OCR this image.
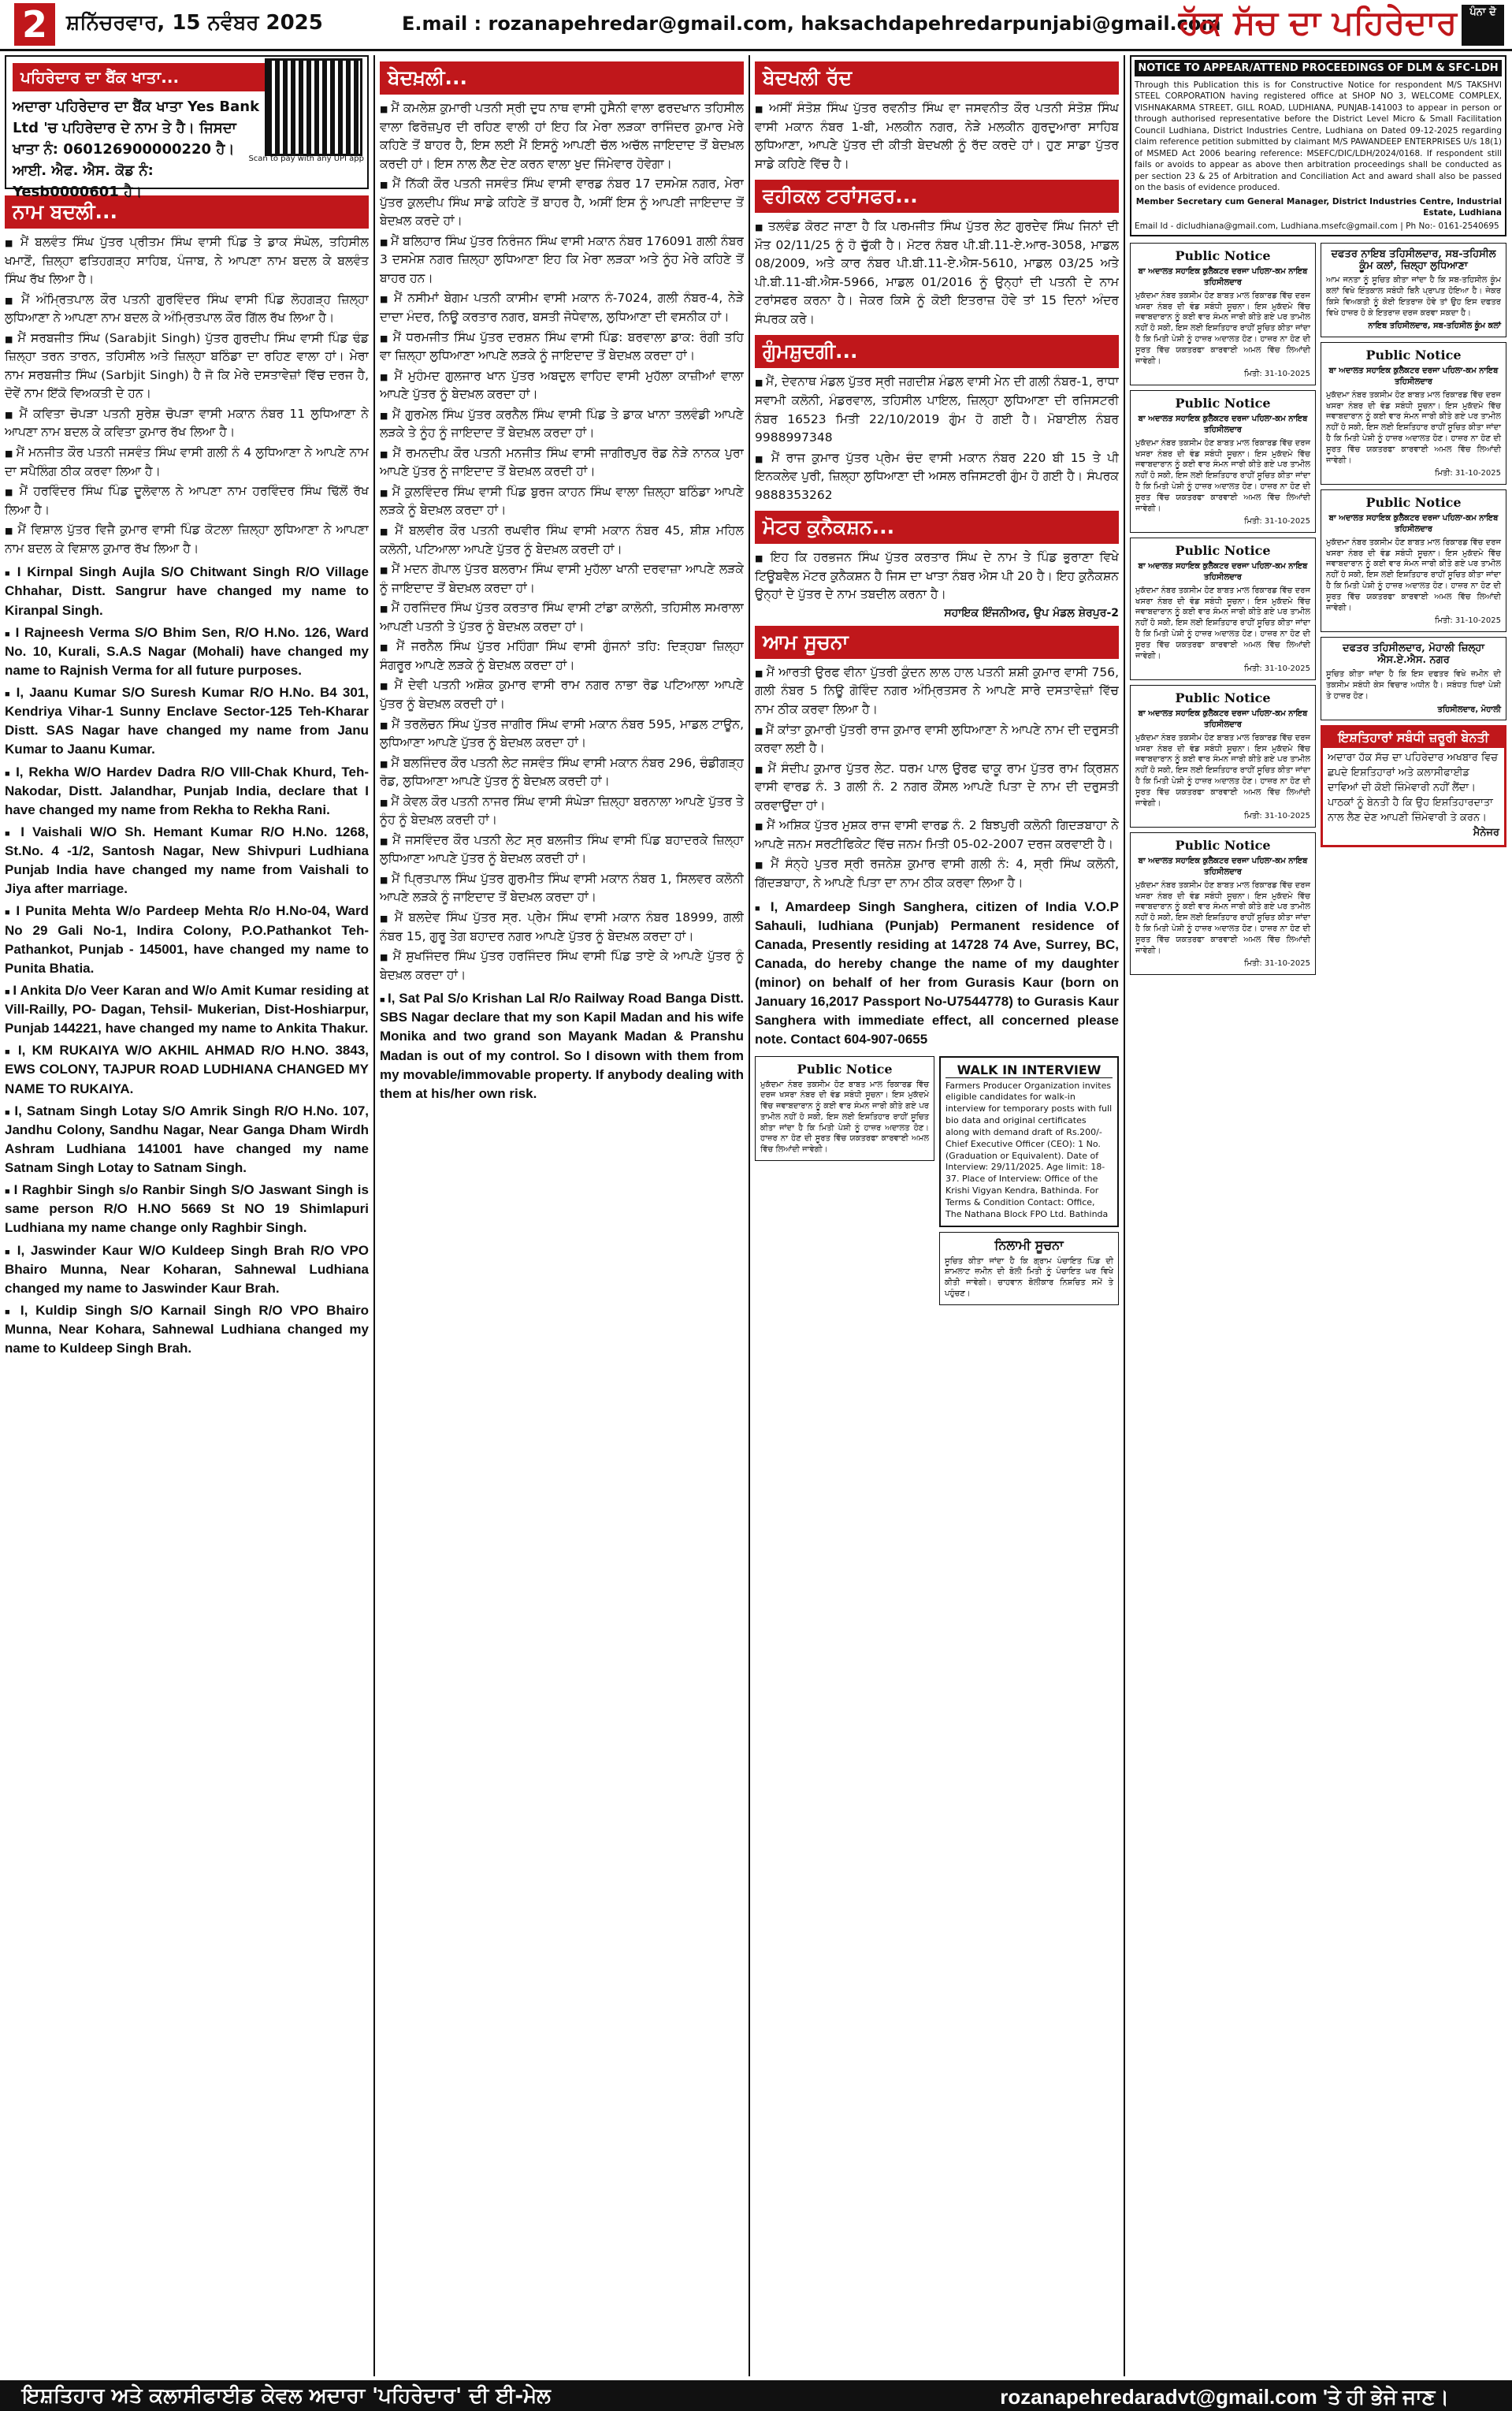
2 ਸ਼ਨਿੱਚਰਵਾਰ, 15 ਨਵੰਬਰ 2025	E.mail : rozanapehredar@gmail.com, haksachdapehredarpunjabi@gmail.com
ਹੱਕ ਸੱਚ ਦਾ ਪਹਿਰੇਦਾਰ	ਪੰਨਾ ਦੋ
ਪਹਿਰੇਦਾਰ ਦਾ ਬੈਂਕ ਖਾਤਾ...
ਅਦਾਰਾ ਪਹਿਰੇਦਾਰ ਦਾ ਬੈਂਕ ਖਾਤਾ Yes Bank Ltd 'ਚ ਪਹਿਰੇਦਾਰ ਦੇ ਨਾਮ ਤੇ ਹੈ। ਜਿਸਦਾ ਖਾਤਾ ਨੰ: 060126900000220 ਹੈ। ਆਈ. ਐਫ. ਐਸ. ਕੋਡ ਨੰ: Yesb0000601 ਹੈ।
Scan to pay with any UPI app
ਨਾਮ ਬਦਲੀ...

■ ਮੈਂ ਬਲਵੰਤ ਸਿੰਘ ਪੁੱਤਰ ਪ੍ਰੀਤਮ ਸਿੰਘ ਵਾਸੀ ਪਿੰਡ ਤੇ ਡਾਕ ਸੰਘੋਲ, ਤਹਿਸੀਲ ਖਮਾਣੋਂ, ਜ਼ਿਲ੍ਹਾ ਫਤਿਹਗੜ੍ਹ ਸਾਹਿਬ, ਪੰਜਾਬ, ਨੇ ਆਪਣਾ ਨਾਮ ਬਦਲ ਕੇ ਬਲਵੰਤ ਸਿੰਘ ਰੱਖ ਲਿਆ ਹੈ।

■ ਮੈਂ ਅੰਮ੍ਰਿਤਪਾਲ ਕੌਰ ਪਤਨੀ ਗੁਰਵਿੰਦਰ ਸਿੰਘ ਵਾਸੀ ਪਿੰਡ ਲੋਹਗੜ੍ਹ ਜ਼ਿਲ੍ਹਾ ਲੁਧਿਆਣਾ ਨੇ ਆਪਣਾ ਨਾਮ ਬਦਲ ਕੇ ਅੰਮ੍ਰਿਤਪਾਲ ਕੌਰ ਗਿੱਲ ਰੱਖ ਲਿਆ ਹੈ।

■ ਮੈਂ ਸਰਬਜੀਤ ਸਿੰਘ (Sarabjit Singh) ਪੁੱਤਰ ਗੁਰਦੀਪ ਸਿੰਘ ਵਾਸੀ ਪਿੰਡ ਢੰਡ ਜ਼ਿਲ੍ਹਾ ਤਰਨ ਤਾਰਨ, ਤਹਿਸੀਲ ਅਤੇ ਜ਼ਿਲ੍ਹਾ ਬਠਿੰਡਾ ਦਾ ਰਹਿਣ ਵਾਲਾ ਹਾਂ। ਮੇਰਾ ਨਾਮ ਸਰਬਜੀਤ ਸਿੰਘ (Sarbjit Singh) ਹੈ ਜੋ ਕਿ ਮੇਰੇ ਦਸਤਾਵੇਜ਼ਾਂ ਵਿੱਚ ਦਰਜ ਹੈ, ਦੋਵੇਂ ਨਾਮ ਇੱਕੋ ਵਿਅਕਤੀ ਦੇ ਹਨ।

■ ਮੈਂ ਕਵਿਤਾ ਚੋਪੜਾ ਪਤਨੀ ਸੁਰੇਸ਼ ਚੋਪੜਾ ਵਾਸੀ ਮਕਾਨ ਨੰਬਰ 11 ਲੁਧਿਆਣਾ ਨੇ ਆਪਣਾ ਨਾਮ ਬਦਲ ਕੇ ਕਵਿਤਾ ਕੁਮਾਰ ਰੱਖ ਲਿਆ ਹੈ।

■ ਮੈਂ ਮਨਜੀਤ ਕੌਰ ਪਤਨੀ ਜਸਵੰਤ ਸਿੰਘ ਵਾਸੀ ਗਲੀ ਨੰ 4 ਲੁਧਿਆਣਾ ਨੇ ਆਪਣੇ ਨਾਮ ਦਾ ਸਪੈਲਿੰਗ ਠੀਕ ਕਰਵਾ ਲਿਆ ਹੈ।

■ ਮੈਂ ਹਰਵਿੰਦਰ ਸਿੰਘ ਪਿੰਡ ਦੂਲੋਵਾਲ ਨੇ ਆਪਣਾ ਨਾਮ ਹਰਵਿੰਦਰ ਸਿੰਘ ਢਿੱਲੋਂ ਰੱਖ ਲਿਆ ਹੈ।

■ ਮੈਂ ਵਿਸ਼ਾਲ ਪੁੱਤਰ ਵਿਜੈ ਕੁਮਾਰ ਵਾਸੀ ਪਿੰਡ ਕੋਟਲਾ ਜ਼ਿਲ੍ਹਾ ਲੁਧਿਆਣਾ ਨੇ ਆਪਣਾ ਨਾਮ ਬਦਲ ਕੇ ਵਿਸ਼ਾਲ ਕੁਮਾਰ ਰੱਖ ਲਿਆ ਹੈ।

■ I Kirnpal Singh Aujla S/O Chitwant Singh R/O Village Chhahar, Distt. Sangrur have changed my name to Kiranpal Singh.

■ I Rajneesh Verma S/O Bhim Sen, R/O H.No. 126, Ward No. 10, Kurali, S.A.S Nagar (Mohali) have changed my name to Rajnish Verma for all future purposes.

■ I, Jaanu Kumar S/O Suresh Kumar R/O H.No. B4 301, Kendriya Vihar-1 Sunny Enclave Sector-125 Teh-Kharar Distt. SAS Nagar have changed my name from Janu Kumar to Jaanu Kumar.

■ I, Rekha W/O Hardev Dadra R/O VIll-Chak Khurd, Teh-Nakodar, Distt. Jalandhar, Punjab India, declare that I have changed my name from Rekha to Rekha Rani.

■ I Vaishali W/O Sh. Hemant Kumar R/O H.No. 1268, St.No. 4 -1/2, Santosh Nagar, New Shivpuri Ludhiana Punjab India have changed my name from Vaishali to Jiya after marriage.

■ I Punita Mehta W/o Pardeep Mehta R/o H.No-04, Ward No 29 Gali No-1, Indira Colony, P.O.Pathankot Teh-Pathankot, Punjab - 145001, have changed my name to Punita Bhatia.

■ I Ankita D/o Veer Karan and W/o Amit Kumar residing at Vill-Railly, PO- Dagan, Tehsil- Mukerian, Dist-Hoshiarpur, Punjab 144221, have changed my name to Ankita Thakur.

■ I, KM RUKAIYA W/O AKHIL AHMAD R/O H.NO. 3843, EWS COLONY, TAJPUR ROAD LUDHIANA CHANGED MY NAME TO RUKAIYA.

■ I, Satnam Singh Lotay S/O Amrik Singh R/O H.No. 107, Jandhu Colony, Sandhu Nagar, Near Ganga Dham Wirdh Ashram Ludhiana 141001 have changed my name Satnam Singh Lotay to Satnam Singh.

■ I Raghbir Singh s/o Ranbir Singh S/O Jaswant Singh is same person R/O H.NO 5669 St NO 19 Shimlapuri Ludhiana my name change only Raghbir Singh.

■ I, Jaswinder Kaur W/O Kuldeep Singh Brah R/O VPO Bhairo Munna, Near Koharan, Sahnewal Ludhiana changed my name to Jaswinder Kaur Brah.

■ I, Kuldip Singh S/O Karnail Singh R/O VPO Bhairo Munna, Near Kohara, Sahnewal Ludhiana changed my name to Kuldeep Singh Brah.

ਬੇਦਖ਼ਲੀ...

■ ਮੈਂ ਕਮਲੇਸ਼ ਕੁਮਾਰੀ ਪਤਨੀ ਸ੍ਰੀ ਦੁਧ ਨਾਥ ਵਾਸੀ ਹੁਸੈਨੀ ਵਾਲਾ ਫਰਦਖਾਨ ਤਹਿਸੀਲ ਵਾਲਾ ਫਿਰੋਜ਼ਪੁਰ ਦੀ ਰਹਿਣ ਵਾਲੀ ਹਾਂ ਇਹ ਕਿ ਮੇਰਾ ਲੜਕਾ ਰਾਜਿੰਦਰ ਕੁਮਾਰ ਮੇਰੇ ਕਹਿਣੇ ਤੋਂ ਬਾਹਰ ਹੈ, ਇਸ ਲਈ ਮੈਂ ਇਸਨੂੰ ਆਪਣੀ ਚੱਲ ਅਚੱਲ ਜਾਇਦਾਦ ਤੋਂ ਬੇਦਖ਼ਲ ਕਰਦੀ ਹਾਂ। ਇਸ ਨਾਲ ਲੈਣ ਦੇਣ ਕਰਨ ਵਾਲਾ ਖੁਦ ਜਿੰਮੇਵਾਰ ਹੋਵੇਗਾ।

■ ਮੈਂ ਨਿੱਕੀ ਕੌਰ ਪਤਨੀ ਜਸਵੰਤ ਸਿੰਘ ਵਾਸੀ ਵਾਰਡ ਨੰਬਰ 17 ਦਸਮੇਸ਼ ਨਗਰ, ਮੇਰਾ ਪੁੱਤਰ ਕੁਲਦੀਪ ਸਿੰਘ ਸਾਡੇ ਕਹਿਣੇ ਤੋਂ ਬਾਹਰ ਹੈ, ਅਸੀਂ ਇਸ ਨੂੰ ਆਪਣੀ ਜਾਇਦਾਦ ਤੋਂ ਬੇਦਖ਼ਲ ਕਰਦੇ ਹਾਂ।

■ ਮੈਂ ਬਲਿਹਾਰ ਸਿੰਘ ਪੁੱਤਰ ਨਿਰੰਜਨ ਸਿੰਘ ਵਾਸੀ ਮਕਾਨ ਨੰਬਰ 176091 ਗਲੀ ਨੰਬਰ 3 ਦਸਮੇਸ਼ ਨਗਰ ਜ਼ਿਲ੍ਹਾ ਲੁਧਿਆਣਾ ਇਹ ਕਿ ਮੇਰਾ ਲੜਕਾ ਅਤੇ ਨੂੰਹ ਮੇਰੇ ਕਹਿਣੇ ਤੋਂ ਬਾਹਰ ਹਨ।

■ ਮੈਂ ਨਸੀਮਾਂ ਬੇਗਮ ਪਤਨੀ ਕਾਸੀਮ ਵਾਸੀ ਮਕਾਨ ਨੰ-7024, ਗਲੀ ਨੰਬਰ-4, ਨੇੜੇ ਦਾਦਾ ਮੰਦਰ, ਨਿਊ ਕਰਤਾਰ ਨਗਰ, ਬਸਤੀ ਜੋਧੇਵਾਲ, ਲੁਧਿਆਣਾ ਦੀ ਵਸਨੀਕ ਹਾਂ।

■ ਮੈਂ ਧਰਮਜੀਤ ਸਿੰਘ ਪੁੱਤਰ ਦਰਸ਼ਨ ਸਿੰਘ ਵਾਸੀ ਪਿੰਡ: ਬਰਵਾਲਾ ਡਾਕ: ਰੰਗੀ ਤਹਿ ਵਾ ਜ਼ਿਲ੍ਹਾ ਲੁਧਿਆਣਾ ਆਪਣੇ ਲੜਕੇ ਨੂੰ ਜਾਇਦਾਦ ਤੋਂ ਬੇਦਖ਼ਲ ਕਰਦਾ ਹਾਂ।

■ ਮੈਂ ਮੁਹੰਮਦ ਗੁਲਜਾਰ ਖਾਨ ਪੁੱਤਰ ਅਬਦੁਲ ਵਾਹਿਦ ਵਾਸੀ ਮੁਹੱਲਾ ਕਾਜ਼ੀਆਂ ਵਾਲਾ ਆਪਣੇ ਪੁੱਤਰ ਨੂੰ ਬੇਦਖ਼ਲ ਕਰਦਾ ਹਾਂ।

■ ਮੈਂ ਗੁਰਮੇਲ ਸਿੰਘ ਪੁੱਤਰ ਕਰਨੈਲ ਸਿੰਘ ਵਾਸੀ ਪਿੰਡ ਤੇ ਡਾਕ ਖਾਨਾ ਤਲਵੰਡੀ ਆਪਣੇ ਲੜਕੇ ਤੇ ਨੂੰਹ ਨੂੰ ਜਾਇਦਾਦ ਤੋਂ ਬੇਦਖ਼ਲ ਕਰਦਾ ਹਾਂ।

■ ਮੈਂ ਰਮਨਦੀਪ ਕੌਰ ਪਤਨੀ ਮਨਜੀਤ ਸਿੰਘ ਵਾਸੀ ਜਾਗੀਰਪੁਰ ਰੋਡ ਨੇੜੇ ਨਾਨਕ ਪੁਰਾ ਆਪਣੇ ਪੁੱਤਰ ਨੂੰ ਜਾਇਦਾਦ ਤੋਂ ਬੇਦਖ਼ਲ ਕਰਦੀ ਹਾਂ।

■ ਮੈਂ ਕੁਲਵਿੰਦਰ ਸਿੰਘ ਵਾਸੀ ਪਿੰਡ ਬੁਰਜ ਕਾਹਨ ਸਿੰਘ ਵਾਲਾ ਜ਼ਿਲ੍ਹਾ ਬਠਿੰਡਾ ਆਪਣੇ ਲੜਕੇ ਨੂੰ ਬੇਦਖ਼ਲ ਕਰਦਾ ਹਾਂ।

■ ਮੈਂ ਬਲਵੀਰ ਕੌਰ ਪਤਨੀ ਰਘਵੀਰ ਸਿੰਘ ਵਾਸੀ ਮਕਾਨ ਨੰਬਰ 45, ਸ਼ੀਸ਼ ਮਹਿਲ ਕਲੋਨੀ, ਪਟਿਆਲਾ ਆਪਣੇ ਪੁੱਤਰ ਨੂੰ ਬੇਦਖ਼ਲ ਕਰਦੀ ਹਾਂ।

■ ਮੈਂ ਮਦਨ ਗੋਪਾਲ ਪੁੱਤਰ ਬਲਰਾਮ ਸਿੰਘ ਵਾਸੀ ਮੁਹੱਲਾ ਖਾਨੀ ਦਰਵਾਜ਼ਾ ਆਪਣੇ ਲੜਕੇ ਨੂੰ ਜਾਇਦਾਦ ਤੋਂ ਬੇਦਖ਼ਲ ਕਰਦਾ ਹਾਂ।

■ ਮੈਂ ਹਰਜਿੰਦਰ ਸਿੰਘ ਪੁੱਤਰ ਕਰਤਾਰ ਸਿੰਘ ਵਾਸੀ ਟਾਂਡਾ ਕਾਲੋਨੀ, ਤਹਿਸੀਲ ਸਮਰਾਲਾ ਆਪਣੀ ਪਤਨੀ ਤੇ ਪੁੱਤਰ ਨੂੰ ਬੇਦਖ਼ਲ ਕਰਦਾ ਹਾਂ।

■ ਮੈਂ ਜਰਨੈਲ ਸਿੰਘ ਪੁੱਤਰ ਮਹਿੰਗਾ ਸਿੰਘ ਵਾਸੀ ਗੁੰਜਨਾਂ ਤਹਿ: ਦਿੜ੍ਹਬਾ ਜ਼ਿਲ੍ਹਾ ਸੰਗਰੂਰ ਆਪਣੇ ਲੜਕੇ ਨੂੰ ਬੇਦਖ਼ਲ ਕਰਦਾ ਹਾਂ।

■ ਮੈਂ ਦੇਵੀ ਪਤਨੀ ਅਸ਼ੋਕ ਕੁਮਾਰ ਵਾਸੀ ਰਾਮ ਨਗਰ ਨਾਭਾ ਰੋਡ ਪਟਿਆਲਾ ਆਪਣੇ ਪੁੱਤਰ ਨੂੰ ਬੇਦਖ਼ਲ ਕਰਦੀ ਹਾਂ।

■ ਮੈਂ ਤਰਲੋਚਨ ਸਿੰਘ ਪੁੱਤਰ ਜਾਗੀਰ ਸਿੰਘ ਵਾਸੀ ਮਕਾਨ ਨੰਬਰ 595, ਮਾਡਲ ਟਾਊਨ, ਲੁਧਿਆਣਾ ਆਪਣੇ ਪੁੱਤਰ ਨੂੰ ਬੇਦਖ਼ਲ ਕਰਦਾ ਹਾਂ।

■ ਮੈਂ ਬਲਜਿੰਦਰ ਕੌਰ ਪਤਨੀ ਲੇਟ ਜਸਵੰਤ ਸਿੰਘ ਵਾਸੀ ਮਕਾਨ ਨੰਬਰ 296, ਚੰਡੀਗੜ੍ਹ ਰੋਡ, ਲੁਧਿਆਣਾ ਆਪਣੇ ਪੁੱਤਰ ਨੂੰ ਬੇਦਖ਼ਲ ਕਰਦੀ ਹਾਂ।

■ ਮੈਂ ਕੇਵਲ ਕੌਰ ਪਤਨੀ ਨਾਜਰ ਸਿੰਘ ਵਾਸੀ ਸੰਘੇੜਾ ਜ਼ਿਲ੍ਹਾ ਬਰਨਾਲਾ ਆਪਣੇ ਪੁੱਤਰ ਤੇ ਨੂੰਹ ਨੂੰ ਬੇਦਖ਼ਲ ਕਰਦੀ ਹਾਂ।

■ ਮੈਂ ਜਸਵਿੰਦਰ ਕੌਰ ਪਤਨੀ ਲੇਟ ਸ੍ਰ ਬਲਜੀਤ ਸਿੰਘ ਵਾਸੀ ਪਿੰਡ ਬਹਾਦਰਕੇ ਜ਼ਿਲ੍ਹਾ ਲੁਧਿਆਣਾ ਆਪਣੇ ਪੁੱਤਰ ਨੂੰ ਬੇਦਖ਼ਲ ਕਰਦੀ ਹਾਂ।

■ ਮੈਂ ਪ੍ਰਿਤਪਾਲ ਸਿੰਘ ਪੁੱਤਰ ਗੁਰਮੀਤ ਸਿੰਘ ਵਾਸੀ ਮਕਾਨ ਨੰਬਰ 1, ਸਿਲਵਰ ਕਲੋਨੀ ਆਪਣੇ ਲੜਕੇ ਨੂੰ ਜਾਇਦਾਦ ਤੋਂ ਬੇਦਖ਼ਲ ਕਰਦਾ ਹਾਂ।

■ ਮੈਂ ਬਲਦੇਵ ਸਿੰਘ ਪੁੱਤਰ ਸ੍ਰ. ਪ੍ਰੇਮ ਸਿੰਘ ਵਾਸੀ ਮਕਾਨ ਨੰਬਰ 18999, ਗਲੀ ਨੰਬਰ 15, ਗੁਰੂ ਤੇਗ ਬਹਾਦਰ ਨਗਰ ਆਪਣੇ ਪੁੱਤਰ ਨੂੰ ਬੇਦਖ਼ਲ ਕਰਦਾ ਹਾਂ।

■ ਮੈਂ ਸੁਖਜਿੰਦਰ ਸਿੰਘ ਪੁੱਤਰ ਹਰਜਿੰਦਰ ਸਿੰਘ ਵਾਸੀ ਪਿੰਡ ਤਾਏ ਕੇ ਆਪਣੇ ਪੁੱਤਰ ਨੂੰ ਬੇਦਖ਼ਲ ਕਰਦਾ ਹਾਂ।

■ I, Sat Pal S/o Krishan Lal R/o Railway Road Banga Distt. SBS Nagar declare that my son Kapil Madan and his wife Monika and two grand son Mayank Madan & Pranshu Madan is out of my control. So I disown with them from my movable/immovable property. If anybody dealing with them at his/her own risk.

ਬੇਦਖਲੀ ਰੱਦ

■ ਅਸੀਂ ਸੰਤੋਸ਼ ਸਿੰਘ ਪੁੱਤਰ ਰਵਨੀਤ ਸਿੰਘ ਵਾ ਜਸਵਨੀਤ ਕੌਰ ਪਤਨੀ ਸੰਤੋਸ਼ ਸਿੰਘ ਵਾਸੀ ਮਕਾਨ ਨੰਬਰ 1-ਬੀ, ਮਲਕੀਨ ਨਗਰ, ਨੇੜੇ ਮਲਕੀਨ ਗੁਰਦੁਆਰਾ ਸਾਹਿਬ ਲੁਧਿਆਣਾ, ਆਪਣੇ ਪੁੱਤਰ ਦੀ ਕੀਤੀ ਬੇਦਖਲੀ ਨੂੰ ਰੱਦ ਕਰਦੇ ਹਾਂ। ਹੁਣ ਸਾਡਾ ਪੁੱਤਰ ਸਾਡੇ ਕਹਿਣੇ ਵਿੱਚ ਹੈ।

ਵਹੀਕਲ ਟਰਾਂਸਫਰ...

■ ਤਲਵੰਡ ਕੋਰਟ ਜਾਣਾ ਹੈ ਕਿ ਪਰਮਜੀਤ ਸਿੰਘ ਪੁੱਤਰ ਲੇਟ ਗੁਰਦੇਵ ਸਿੰਘ ਜਿਨਾਂ ਦੀ ਮੌਤ 02/11/25 ਨੂੰ ਹੋ ਚੁੱਕੀ ਹੈ। ਮੋਟਰ ਨੰਬਰ ਪੀ.ਬੀ.11-ਏ.ਆਰ-3058, ਮਾਡਲ 08/2009, ਅਤੇ ਕਾਰ ਨੰਬਰ ਪੀ.ਬੀ.11-ਏ.ਐਸ-5610, ਮਾਡਲ 03/25 ਅਤੇ ਪੀ.ਬੀ.11-ਬੀ.ਐਸ-5966, ਮਾਡਲ 01/2016 ਨੂੰ ਉਨ੍ਹਾਂ ਦੀ ਪਤਨੀ ਦੇ ਨਾਮ ਟਰਾਂਸਫਰ ਕਰਨਾ ਹੈ। ਜੇਕਰ ਕਿਸੇ ਨੂੰ ਕੋਈ ਇਤਰਾਜ਼ ਹੋਵੇ ਤਾਂ 15 ਦਿਨਾਂ ਅੰਦਰ ਸੰਪਰਕ ਕਰੇ।

ਗੁੰਮਸ਼ੁਦਗੀ...

■ ਮੈਂ, ਦੇਵਨਾਥ ਮੰਡਲ ਪੁੱਤਰ ਸ੍ਰੀ ਜਗਦੀਸ਼ ਮੰਡਲ ਵਾਸੀ ਮੇਨ ਦੀ ਗਲੀ ਨੰਬਰ-1, ਰਾਧਾ ਸਵਾਮੀ ਕਲੋਨੀ, ਮੰਡਰਵਾਲ, ਤਹਿਸੀਲ ਪਾਇਲ, ਜ਼ਿਲ੍ਹਾ ਲੁਧਿਆਣਾ ਦੀ ਰਜਿਸਟਰੀ ਨੰਬਰ 16523 ਮਿਤੀ 22/10/2019 ਗੁੰਮ ਹੋ ਗਈ ਹੈ। ਮੋਬਾਈਲ ਨੰਬਰ 9988997348

■ ਮੈਂ ਰਾਜ ਕੁਮਾਰ ਪੁੱਤਰ ਪ੍ਰੇਮ ਚੰਦ ਵਾਸੀ ਮਕਾਨ ਨੰਬਰ 220 ਬੀ 15 ਤੇ ਪੀ ਇਨਕਲੇਵ ਪੁਰੀ, ਜ਼ਿਲ੍ਹਾ ਲੁਧਿਆਣਾ ਦੀ ਅਸਲ ਰਜਿਸਟਰੀ ਗੁੰਮ ਹੋ ਗਈ ਹੈ। ਸੰਪਰਕ 9888353262

ਮੋਟਰ ਕੁਨੈਕਸ਼ਨ...

■ ਇਹ ਕਿ ਹਰਭਜਨ ਸਿੰਘ ਪੁੱਤਰ ਕਰਤਾਰ ਸਿੰਘ ਦੇ ਨਾਮ ਤੇ ਪਿੰਡ ਭੁਰਾਣਾ ਵਿਖੇ ਟਿਊਬਵੈਲ ਮੋਟਰ ਕੁਨੈਕਸ਼ਨ ਹੈ ਜਿਸ ਦਾ ਖਾਤਾ ਨੰਬਰ ਐਸ ਪੀ 20 ਹੈ। ਇਹ ਕੁਨੈਕਸ਼ਨ ਉਨ੍ਹਾਂ ਦੇ ਪੁੱਤਰ ਦੇ ਨਾਮ ਤਬਦੀਲ ਕਰਨਾ ਹੈ।

ਸਹਾਇਕ ਇੰਜਨੀਅਰ, ਉਪ ਮੰਡਲ ਸ਼ੇਰਪੁਰ-2
ਆਮ ਸੂਚਨਾ

■ ਮੈਂ ਆਰਤੀ ਉਰਫ ਵੀਨਾ ਪੁੱਤਰੀ ਕੁੰਦਨ ਲਾਲ ਹਾਲ ਪਤਨੀ ਸ਼ਸ਼ੀ ਕੁਮਾਰ ਵਾਸੀ 756, ਗਲੀ ਨੰਬਰ 5 ਨਿਊ ਗੋਵਿੰਦ ਨਗਰ ਅੰਮ੍ਰਿਤਸਰ ਨੇ ਆਪਣੇ ਸਾਰੇ ਦਸਤਾਵੇਜ਼ਾਂ ਵਿੱਚ ਨਾਮ ਠੀਕ ਕਰਵਾ ਲਿਆ ਹੈ।

■ ਮੈਂ ਕਾਂਤਾ ਕੁਮਾਰੀ ਪੁੱਤਰੀ ਰਾਜ ਕੁਮਾਰ ਵਾਸੀ ਲੁਧਿਆਣਾ ਨੇ ਆਪਣੇ ਨਾਮ ਦੀ ਦਰੁਸਤੀ ਕਰਵਾ ਲਈ ਹੈ।

■ ਮੈਂ ਸੰਦੀਪ ਕੁਮਾਰ ਪੁੱਤਰ ਲੇਟ. ਧਰਮ ਪਾਲ ਉਰਫ ਢਾਕੂ ਰਾਮ ਪੁੱਤਰ ਰਾਮ ਕ੍ਰਿਸ਼ਨ ਵਾਸੀ ਵਾਰਡ ਨੰ. 3 ਗਲੀ ਨੰ. 2 ਨਗਰ ਕੌਂਸਲ ਆਪਣੇ ਪਿਤਾ ਦੇ ਨਾਮ ਦੀ ਦਰੁਸਤੀ ਕਰਵਾਉਂਦਾ ਹਾਂ।

■ ਮੈਂ ਅਸ਼ਿਕ ਪੁੱਤਰ ਮੁਸ਼ਕ ਰਾਜ ਵਾਸੀ ਵਾਰਡ ਨੰ. 2 ਬਿਝਪੁਰੀ ਕਲੋਨੀ ਗਿਦੜਬਾਹਾ ਨੇ ਆਪਣੇ ਜਨਮ ਸਰਟੀਫਿਕੇਟ ਵਿੱਚ ਜਨਮ ਮਿਤੀ 05-02-2007 ਦਰਜ ਕਰਵਾਈ ਹੈ।

■ ਮੈਂ ਸੰਨ੍ਹੇ ਪੁਤਰ ਸ੍ਰੀ ਰਜਨੇਸ਼ ਕੁਮਾਰ ਵਾਸੀ ਗਲੀ ਨੰ: 4, ਸ੍ਰੀ ਸਿੰਘ ਕਲੋਨੀ, ਗਿੱਦੜਬਾਹਾ, ਨੇ ਆਪਣੇ ਪਿਤਾ ਦਾ ਨਾਮ ਠੀਕ ਕਰਵਾ ਲਿਆ ਹੈ।

■ I, Amardeep Singh Sanghera, citizen of India V.O.P Sahauli, ludhiana (Punjab) Permanent residence of Canada, Presently residing at 14728 74 Ave, Surrey, BC, Canada, do hereby change the name of my daughter (minor) on behalf of her from Gurasis Kaur (born on January 16,2017 Passport No-U7544778) to Gurasis Kaur Sanghera with immediate effect, all concerned please note. Contact 604-907-0655

Public Notice
ਮੁਕੱਦਮਾ ਨੰਬਰ ਤਕਸੀਮ ਹੋਣ ਬਾਬਤ ਮਾਲ ਰਿਕਾਰਡ ਵਿੱਚ ਦਰਜ ਖਸਰਾ ਨੰਬਰ ਦੀ ਵੰਡ ਸਬੰਧੀ ਸੂਚਨਾ। ਇਸ ਮੁਕੱਦਮੇ ਵਿੱਚ ਜਵਾਬਦਾਰਾਨ ਨੂੰ ਕਈ ਵਾਰ ਸੰਮਨ ਜਾਰੀ ਕੀਤੇ ਗਏ ਪਰ ਤਾਮੀਲ ਨਹੀਂ ਹੋ ਸਕੀ, ਇਸ ਲਈ ਇਸ਼ਤਿਹਾਰ ਰਾਹੀਂ ਸੂਚਿਤ ਕੀਤਾ ਜਾਂਦਾ ਹੈ ਕਿ ਮਿਤੀ ਪੇਸ਼ੀ ਨੂੰ ਹਾਜ਼ਰ ਅਦਾਲਤ ਹੋਣ। ਹਾਜ਼ਰ ਨਾ ਹੋਣ ਦੀ ਸੂਰਤ ਵਿੱਚ ਯਕਤਰਫਾ ਕਾਰਵਾਈ ਅਮਲ ਵਿੱਚ ਲਿਆਂਦੀ ਜਾਵੇਗੀ।
WALK IN INTERVIEW
Farmers Producer Organization invites eligible candidates for walk-in interview for temporary posts with full bio data and original certificates along with demand draft of Rs.200/- Chief Executive Officer (CEO): 1 No. (Graduation or Equivalent). Date of Interview: 29/11/2025. Age limit: 18-37. Place of Interview: Office of the Krishi Vigyan Kendra, Bathinda. For Terms & Condition Contact: Office, The Nathana Block FPO Ltd. Bathinda
ਨਿਲਾਮੀ ਸੂਚਨਾ
ਸੂਚਿਤ ਕੀਤਾ ਜਾਂਦਾ ਹੈ ਕਿ ਗ੍ਰਾਮ ਪੰਚਾਇਤ ਪਿੰਡ ਦੀ ਸ਼ਾਮਲਾਟ ਜ਼ਮੀਨ ਦੀ ਬੋਲੀ ਮਿਤੀ ਨੂੰ ਪੰਚਾਇਤ ਘਰ ਵਿਖੇ ਕੀਤੀ ਜਾਵੇਗੀ। ਚਾਹਵਾਨ ਬੋਲੀਕਾਰ ਨਿਸ਼ਚਿਤ ਸਮੇਂ ਤੇ ਪਹੁੰਚਣ।
NOTICE TO APPEAR/ATTEND PROCEEDINGS OF DLM & SFC-LDH
Through this Publication this is for Constructive Notice for respondent M/S TAKSHVI STEEL CORPORATION having registered office at SHOP NO 3, WELCOME COMPLEX, VISHNAKARMA STREET, GILL ROAD, LUDHIANA, PUNJAB-141003 to appear in person or through authorised representative before the District Level Micro & Small Facilitation Council Ludhiana, District Industries Centre, Ludhiana on Dated 09-12-2025 regarding claim reference petition submitted by claimant M/S PAWANDEEP ENTERPRISES U/s 18(1) of MSMED Act 2006 bearing reference: MSEFC/DIC/LDH/2024/0168. If respondent still fails or avoids to appear as above then arbitration proceedings shall be conducted as per section 23 & 25 of Arbitration and Conciliation Act and award shall also be passed on the basis of evidence produced.
Member Secretary cum General Manager, District Industries Centre, Industrial Estate, Ludhiana
Email Id - dicludhiana@gmail.com, Ludhiana.msefc@gmail.com | Ph No:- 0161-2540695
Public Notice
ਬਾ ਅਦਾਲਤ ਸਹਾਇਕ ਕੁਲੈਕਟਰ ਦਰਜਾ ਪਹਿਲਾ-ਕਮ ਨਾਇਬ ਤਹਿਸੀਲਦਾਰ
ਮੁਕੱਦਮਾ ਨੰਬਰ ਤਕਸੀਮ ਹੋਣ ਬਾਬਤ ਮਾਲ ਰਿਕਾਰਡ ਵਿੱਚ ਦਰਜ ਖਸਰਾ ਨੰਬਰ ਦੀ ਵੰਡ ਸਬੰਧੀ ਸੂਚਨਾ। ਇਸ ਮੁਕੱਦਮੇ ਵਿੱਚ ਜਵਾਬਦਾਰਾਨ ਨੂੰ ਕਈ ਵਾਰ ਸੰਮਨ ਜਾਰੀ ਕੀਤੇ ਗਏ ਪਰ ਤਾਮੀਲ ਨਹੀਂ ਹੋ ਸਕੀ, ਇਸ ਲਈ ਇਸ਼ਤਿਹਾਰ ਰਾਹੀਂ ਸੂਚਿਤ ਕੀਤਾ ਜਾਂਦਾ ਹੈ ਕਿ ਮਿਤੀ ਪੇਸ਼ੀ ਨੂੰ ਹਾਜ਼ਰ ਅਦਾਲਤ ਹੋਣ। ਹਾਜ਼ਰ ਨਾ ਹੋਣ ਦੀ ਸੂਰਤ ਵਿੱਚ ਯਕਤਰਫਾ ਕਾਰਵਾਈ ਅਮਲ ਵਿੱਚ ਲਿਆਂਦੀ ਜਾਵੇਗੀ।
ਮਿਤੀ: 31-10-2025
Public Notice
ਬਾ ਅਦਾਲਤ ਸਹਾਇਕ ਕੁਲੈਕਟਰ ਦਰਜਾ ਪਹਿਲਾ-ਕਮ ਨਾਇਬ ਤਹਿਸੀਲਦਾਰ
ਮੁਕੱਦਮਾ ਨੰਬਰ ਤਕਸੀਮ ਹੋਣ ਬਾਬਤ ਮਾਲ ਰਿਕਾਰਡ ਵਿੱਚ ਦਰਜ ਖਸਰਾ ਨੰਬਰ ਦੀ ਵੰਡ ਸਬੰਧੀ ਸੂਚਨਾ। ਇਸ ਮੁਕੱਦਮੇ ਵਿੱਚ ਜਵਾਬਦਾਰਾਨ ਨੂੰ ਕਈ ਵਾਰ ਸੰਮਨ ਜਾਰੀ ਕੀਤੇ ਗਏ ਪਰ ਤਾਮੀਲ ਨਹੀਂ ਹੋ ਸਕੀ, ਇਸ ਲਈ ਇਸ਼ਤਿਹਾਰ ਰਾਹੀਂ ਸੂਚਿਤ ਕੀਤਾ ਜਾਂਦਾ ਹੈ ਕਿ ਮਿਤੀ ਪੇਸ਼ੀ ਨੂੰ ਹਾਜ਼ਰ ਅਦਾਲਤ ਹੋਣ। ਹਾਜ਼ਰ ਨਾ ਹੋਣ ਦੀ ਸੂਰਤ ਵਿੱਚ ਯਕਤਰਫਾ ਕਾਰਵਾਈ ਅਮਲ ਵਿੱਚ ਲਿਆਂਦੀ ਜਾਵੇਗੀ।
ਮਿਤੀ: 31-10-2025
Public Notice
ਬਾ ਅਦਾਲਤ ਸਹਾਇਕ ਕੁਲੈਕਟਰ ਦਰਜਾ ਪਹਿਲਾ-ਕਮ ਨਾਇਬ ਤਹਿਸੀਲਦਾਰ
ਮੁਕੱਦਮਾ ਨੰਬਰ ਤਕਸੀਮ ਹੋਣ ਬਾਬਤ ਮਾਲ ਰਿਕਾਰਡ ਵਿੱਚ ਦਰਜ ਖਸਰਾ ਨੰਬਰ ਦੀ ਵੰਡ ਸਬੰਧੀ ਸੂਚਨਾ। ਇਸ ਮੁਕੱਦਮੇ ਵਿੱਚ ਜਵਾਬਦਾਰਾਨ ਨੂੰ ਕਈ ਵਾਰ ਸੰਮਨ ਜਾਰੀ ਕੀਤੇ ਗਏ ਪਰ ਤਾਮੀਲ ਨਹੀਂ ਹੋ ਸਕੀ, ਇਸ ਲਈ ਇਸ਼ਤਿਹਾਰ ਰਾਹੀਂ ਸੂਚਿਤ ਕੀਤਾ ਜਾਂਦਾ ਹੈ ਕਿ ਮਿਤੀ ਪੇਸ਼ੀ ਨੂੰ ਹਾਜ਼ਰ ਅਦਾਲਤ ਹੋਣ। ਹਾਜ਼ਰ ਨਾ ਹੋਣ ਦੀ ਸੂਰਤ ਵਿੱਚ ਯਕਤਰਫਾ ਕਾਰਵਾਈ ਅਮਲ ਵਿੱਚ ਲਿਆਂਦੀ ਜਾਵੇਗੀ।
ਮਿਤੀ: 31-10-2025
Public Notice
ਬਾ ਅਦਾਲਤ ਸਹਾਇਕ ਕੁਲੈਕਟਰ ਦਰਜਾ ਪਹਿਲਾ-ਕਮ ਨਾਇਬ ਤਹਿਸੀਲਦਾਰ
ਮੁਕੱਦਮਾ ਨੰਬਰ ਤਕਸੀਮ ਹੋਣ ਬਾਬਤ ਮਾਲ ਰਿਕਾਰਡ ਵਿੱਚ ਦਰਜ ਖਸਰਾ ਨੰਬਰ ਦੀ ਵੰਡ ਸਬੰਧੀ ਸੂਚਨਾ। ਇਸ ਮੁਕੱਦਮੇ ਵਿੱਚ ਜਵਾਬਦਾਰਾਨ ਨੂੰ ਕਈ ਵਾਰ ਸੰਮਨ ਜਾਰੀ ਕੀਤੇ ਗਏ ਪਰ ਤਾਮੀਲ ਨਹੀਂ ਹੋ ਸਕੀ, ਇਸ ਲਈ ਇਸ਼ਤਿਹਾਰ ਰਾਹੀਂ ਸੂਚਿਤ ਕੀਤਾ ਜਾਂਦਾ ਹੈ ਕਿ ਮਿਤੀ ਪੇਸ਼ੀ ਨੂੰ ਹਾਜ਼ਰ ਅਦਾਲਤ ਹੋਣ। ਹਾਜ਼ਰ ਨਾ ਹੋਣ ਦੀ ਸੂਰਤ ਵਿੱਚ ਯਕਤਰਫਾ ਕਾਰਵਾਈ ਅਮਲ ਵਿੱਚ ਲਿਆਂਦੀ ਜਾਵੇਗੀ।
ਮਿਤੀ: 31-10-2025
Public Notice
ਬਾ ਅਦਾਲਤ ਸਹਾਇਕ ਕੁਲੈਕਟਰ ਦਰਜਾ ਪਹਿਲਾ-ਕਮ ਨਾਇਬ ਤਹਿਸੀਲਦਾਰ
ਮੁਕੱਦਮਾ ਨੰਬਰ ਤਕਸੀਮ ਹੋਣ ਬਾਬਤ ਮਾਲ ਰਿਕਾਰਡ ਵਿੱਚ ਦਰਜ ਖਸਰਾ ਨੰਬਰ ਦੀ ਵੰਡ ਸਬੰਧੀ ਸੂਚਨਾ। ਇਸ ਮੁਕੱਦਮੇ ਵਿੱਚ ਜਵਾਬਦਾਰਾਨ ਨੂੰ ਕਈ ਵਾਰ ਸੰਮਨ ਜਾਰੀ ਕੀਤੇ ਗਏ ਪਰ ਤਾਮੀਲ ਨਹੀਂ ਹੋ ਸਕੀ, ਇਸ ਲਈ ਇਸ਼ਤਿਹਾਰ ਰਾਹੀਂ ਸੂਚਿਤ ਕੀਤਾ ਜਾਂਦਾ ਹੈ ਕਿ ਮਿਤੀ ਪੇਸ਼ੀ ਨੂੰ ਹਾਜ਼ਰ ਅਦਾਲਤ ਹੋਣ। ਹਾਜ਼ਰ ਨਾ ਹੋਣ ਦੀ ਸੂਰਤ ਵਿੱਚ ਯਕਤਰਫਾ ਕਾਰਵਾਈ ਅਮਲ ਵਿੱਚ ਲਿਆਂਦੀ ਜਾਵੇਗੀ।
ਮਿਤੀ: 31-10-2025
ਦਫਤਰ ਨਾਇਬ ਤਹਿਸੀਲਦਾਰ, ਸਬ-ਤਹਿਸੀਲ ਕੂੰਮ ਕਲਾਂ, ਜ਼ਿਲ੍ਹਾ ਲੁਧਿਆਣਾ
ਆਮ ਜਨਤਾ ਨੂੰ ਸੂਚਿਤ ਕੀਤਾ ਜਾਂਦਾ ਹੈ ਕਿ ਸਬ-ਤਹਿਸੀਲ ਕੂੰਮ ਕਲਾਂ ਵਿਖੇ ਇੰਤਕਾਲ ਸਬੰਧੀ ਬਿਨੈ ਪ੍ਰਾਪਤ ਹੋਇਆ ਹੈ। ਜੇਕਰ ਕਿਸੇ ਵਿਅਕਤੀ ਨੂੰ ਕੋਈ ਇਤਰਾਜ਼ ਹੋਵੇ ਤਾਂ ਉਹ ਇਸ ਦਫਤਰ ਵਿਖੇ ਹਾਜ਼ਰ ਹੋ ਕੇ ਇਤਰਾਜ਼ ਦਰਜ ਕਰਵਾ ਸਕਦਾ ਹੈ।
ਨਾਇਬ ਤਹਿਸੀਲਦਾਰ, ਸਬ-ਤਹਿਸੀਲ ਕੂੰਮ ਕਲਾਂ
Public Notice
ਬਾ ਅਦਾਲਤ ਸਹਾਇਕ ਕੁਲੈਕਟਰ ਦਰਜਾ ਪਹਿਲਾ-ਕਮ ਨਾਇਬ ਤਹਿਸੀਲਦਾਰ
ਮੁਕੱਦਮਾ ਨੰਬਰ ਤਕਸੀਮ ਹੋਣ ਬਾਬਤ ਮਾਲ ਰਿਕਾਰਡ ਵਿੱਚ ਦਰਜ ਖਸਰਾ ਨੰਬਰ ਦੀ ਵੰਡ ਸਬੰਧੀ ਸੂਚਨਾ। ਇਸ ਮੁਕੱਦਮੇ ਵਿੱਚ ਜਵਾਬਦਾਰਾਨ ਨੂੰ ਕਈ ਵਾਰ ਸੰਮਨ ਜਾਰੀ ਕੀਤੇ ਗਏ ਪਰ ਤਾਮੀਲ ਨਹੀਂ ਹੋ ਸਕੀ, ਇਸ ਲਈ ਇਸ਼ਤਿਹਾਰ ਰਾਹੀਂ ਸੂਚਿਤ ਕੀਤਾ ਜਾਂਦਾ ਹੈ ਕਿ ਮਿਤੀ ਪੇਸ਼ੀ ਨੂੰ ਹਾਜ਼ਰ ਅਦਾਲਤ ਹੋਣ। ਹਾਜ਼ਰ ਨਾ ਹੋਣ ਦੀ ਸੂਰਤ ਵਿੱਚ ਯਕਤਰਫਾ ਕਾਰਵਾਈ ਅਮਲ ਵਿੱਚ ਲਿਆਂਦੀ ਜਾਵੇਗੀ।
ਮਿਤੀ: 31-10-2025
Public Notice
ਬਾ ਅਦਾਲਤ ਸਹਾਇਕ ਕੁਲੈਕਟਰ ਦਰਜਾ ਪਹਿਲਾ-ਕਮ ਨਾਇਬ ਤਹਿਸੀਲਦਾਰ
ਮੁਕੱਦਮਾ ਨੰਬਰ ਤਕਸੀਮ ਹੋਣ ਬਾਬਤ ਮਾਲ ਰਿਕਾਰਡ ਵਿੱਚ ਦਰਜ ਖਸਰਾ ਨੰਬਰ ਦੀ ਵੰਡ ਸਬੰਧੀ ਸੂਚਨਾ। ਇਸ ਮੁਕੱਦਮੇ ਵਿੱਚ ਜਵਾਬਦਾਰਾਨ ਨੂੰ ਕਈ ਵਾਰ ਸੰਮਨ ਜਾਰੀ ਕੀਤੇ ਗਏ ਪਰ ਤਾਮੀਲ ਨਹੀਂ ਹੋ ਸਕੀ, ਇਸ ਲਈ ਇਸ਼ਤਿਹਾਰ ਰਾਹੀਂ ਸੂਚਿਤ ਕੀਤਾ ਜਾਂਦਾ ਹੈ ਕਿ ਮਿਤੀ ਪੇਸ਼ੀ ਨੂੰ ਹਾਜ਼ਰ ਅਦਾਲਤ ਹੋਣ। ਹਾਜ਼ਰ ਨਾ ਹੋਣ ਦੀ ਸੂਰਤ ਵਿੱਚ ਯਕਤਰਫਾ ਕਾਰਵਾਈ ਅਮਲ ਵਿੱਚ ਲਿਆਂਦੀ ਜਾਵੇਗੀ।
ਮਿਤੀ: 31-10-2025
ਦਫਤਰ ਤਹਿਸੀਲਦਾਰ, ਮੋਹਾਲੀ ਜ਼ਿਲ੍ਹਾ ਐਸ.ਏ.ਐਸ. ਨਗਰ
ਸੂਚਿਤ ਕੀਤਾ ਜਾਂਦਾ ਹੈ ਕਿ ਇਸ ਦਫਤਰ ਵਿਖੇ ਜ਼ਮੀਨ ਦੀ ਤਕਸੀਮ ਸਬੰਧੀ ਕੇਸ ਵਿਚਾਰ ਅਧੀਨ ਹੈ। ਸਬੰਧਤ ਧਿਰਾਂ ਪੇਸ਼ੀ ਤੇ ਹਾਜ਼ਰ ਹੋਣ।
ਤਹਿਸੀਲਦਾਰ, ਮੋਹਾਲੀ
ਇਸ਼ਤਿਹਾਰਾਂ ਸਬੰਧੀ ਜ਼ਰੂਰੀ ਬੇਨਤੀ
ਅਦਾਰਾ ਹੱਕ ਸੱਚ ਦਾ ਪਹਿਰੇਦਾਰ ਅਖਬਾਰ ਵਿਚ ਛਪਦੇ ਇਸ਼ਤਿਹਾਰਾਂ ਅਤੇ ਕਲਾਸੀਫਾਈਡ ਦਾਵਿਆਂ ਦੀ ਕੋਈ ਜ਼ਿੰਮੇਵਾਰੀ ਨਹੀਂ ਲੈਂਦਾ। ਪਾਠਕਾਂ ਨੂੰ ਬੇਨਤੀ ਹੈ ਕਿ ਉਹ ਇਸ਼ਤਿਹਾਰਦਾਤਾ ਨਾਲ ਲੈਣ ਦੇਣ ਆਪਣੀ ਜ਼ਿੰਮੇਵਾਰੀ ਤੇ ਕਰਨ।
ਮੈਨੇਜਰ
ਇਸ਼ਤਿਹਾਰ ਅਤੇ ਕਲਾਸੀਫਾਈਡ ਕੇਵਲ ਅਦਾਰਾ 'ਪਹਿਰੇਦਾਰ' ਦੀ ਈ-ਮੇਲ	rozanapehredaradvt@gmail.com 'ਤੇ ਹੀ ਭੇਜੇ ਜਾਣ।
